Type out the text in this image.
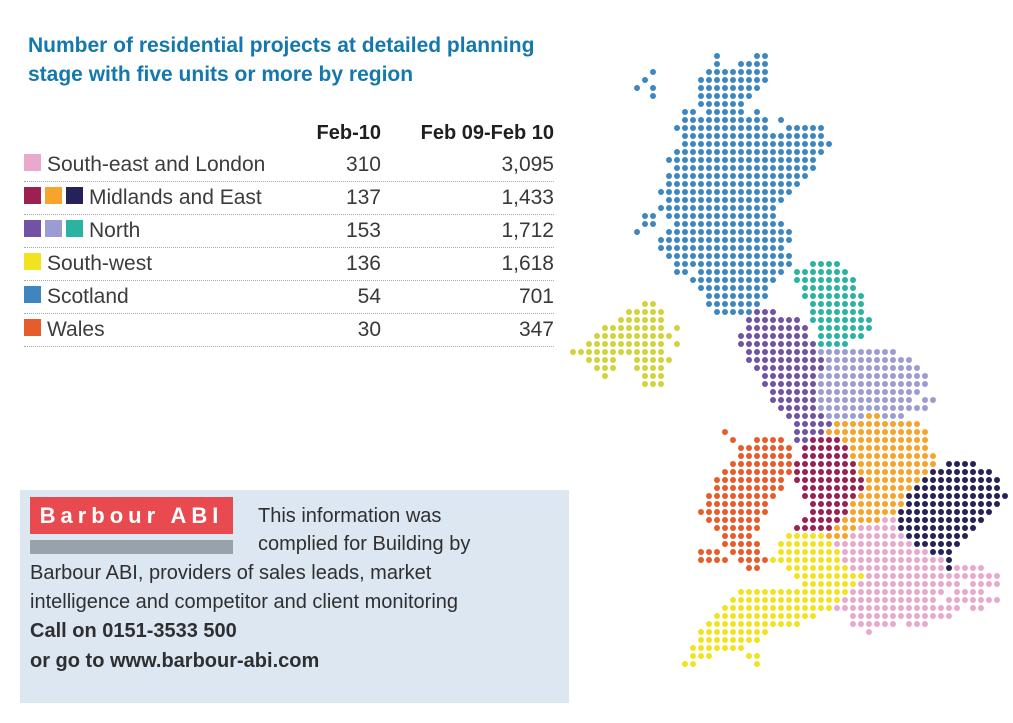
Number of residential projects at detailed planning
stage with five units or more by region
Feb-10	Feb 09-Feb 10
South-east and London	310	3,095
Midlands and East	137	1,433
North	153	1,712
South-west	136	1,618
Scotland	54	701
Wales	30	347
Barbour ABI	This information was
complied for Building by
Barbour ABI, providers of sales leads, market
intelligence and competitor and client monitoring
Call on 0151-3533 500
or go to www.barbour-abi.com
